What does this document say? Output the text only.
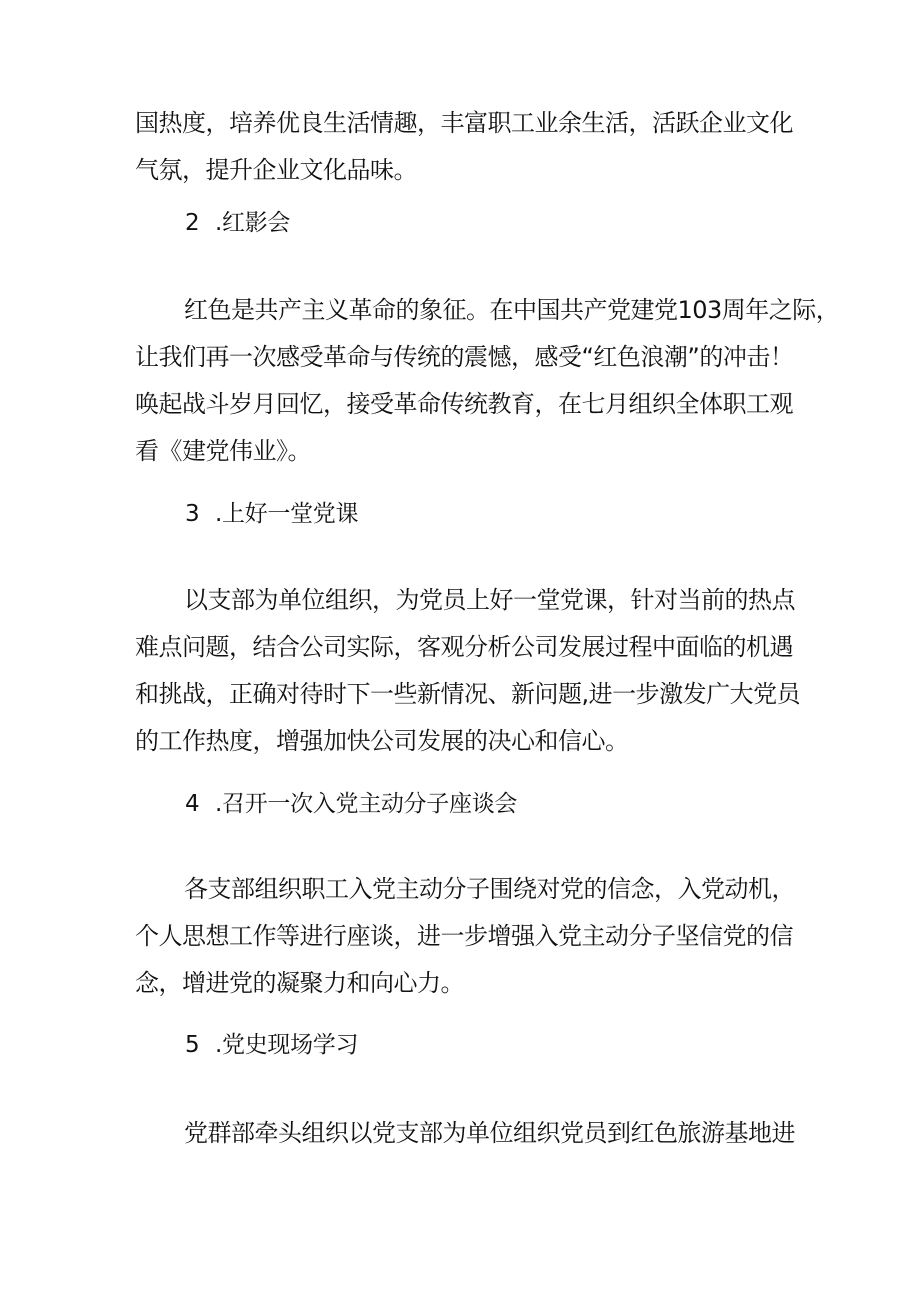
国热度，培养优良生活情趣，丰富职工业余生活，活跃企业文化
气氛，提升企业文化品味。

2 .红影会

红色是共产主义革命的象征。在中国共产党建党103周年之际，
让我们再一次感受革命与传统的震憾，感受“红色浪潮”的冲击！
唤起战斗岁月回忆，接受革命传统教育，在七月组织全体职工观
看《建党伟业》。

3 .上好一堂党课

以支部为单位组织，为党员上好一堂党课，针对当前的热点
难点问题，结合公司实际，客观分析公司发展过程中面临的机遇
和挑战，正确对待时下一些新情况、新问题,进一步激发广大党员
的工作热度，增强加快公司发展的决心和信心。

4 .召开一次入党主动分子座谈会

各支部组织职工入党主动分子围绕对党的信念，入党动机，
个人思想工作等进行座谈，进一步增强入党主动分子坚信党的信
念，增进党的凝聚力和向心力。

5 .党史现场学习

党群部牵头组织以党支部为单位组织党员到红色旅游基地进
